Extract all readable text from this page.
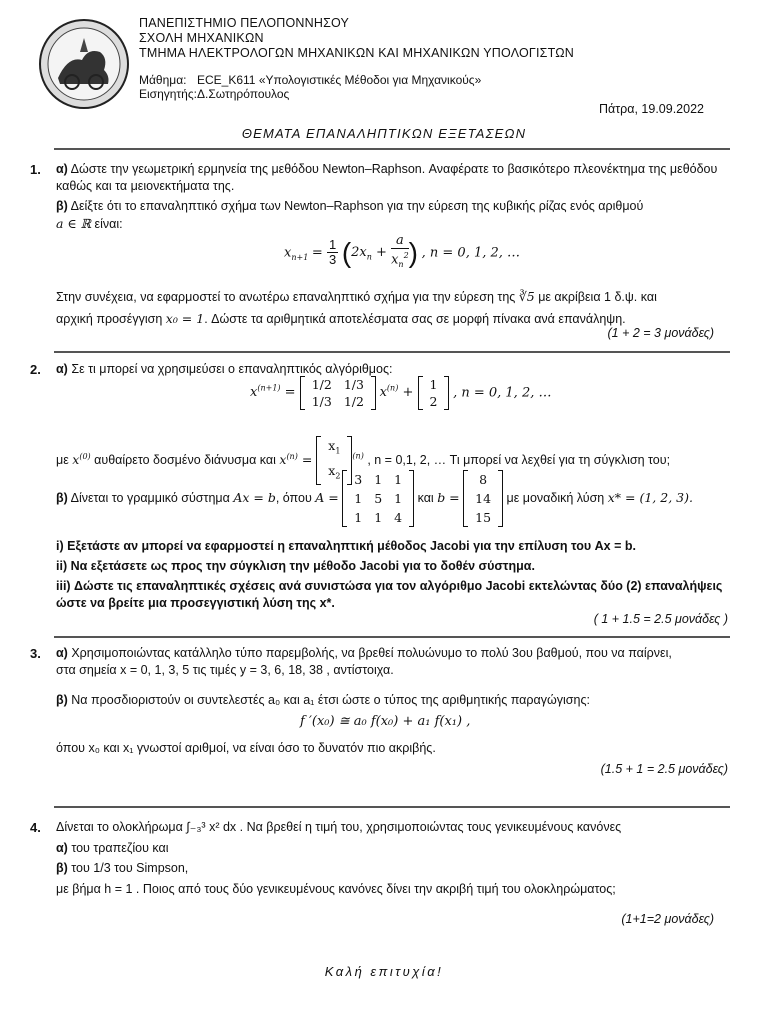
ΠΑΝΕΠΙΣΤΗΜΙΟ ΠΕΛΟΠΟΝΝΗΣΟΥ
ΣΧΟΛΗ ΜΗΧΑΝΙΚΩΝ
ΤΜΗΜΑ ΗΛΕΚΤΡΟΛΟΓΩΝ ΜΗΧΑΝΙΚΩΝ ΚΑΙ ΜΗΧΑΝΙΚΩΝ ΥΠΟΛΟΓΙΣΤΩΝ
Μάθημα: ECE_Κ611 «Υπολογιστικές Μέθοδοι για Μηχανικούς»
Εισηγητής:Δ.Σωτηρόπουλος
Πάτρα, 19.09.2022
ΘΕΜΑΤΑ ΕΠΑΝΑΛΗΠΤΙΚΩΝ ΕΞΕΤΑΣΕΩΝ
1. α) Δώστε την γεωμετρική ερμηνεία της μεθόδου Newton–Raphson. Αναφέρατε το βασικότερο πλεονέκτημα της μεθόδου καθώς και τα μειονεκτήματα της.
β) Δείξτε ότι το επαναληπτικό σχήμα των Newton–Raphson για την εύρεση της κυβικής ρίζας ενός αριθμού
a ∈ ℝ είναι:
$x_{n+1} = \frac{1}{3} (2x_n + \frac{a}{x_n^2}$ ) , n = 0, 1, 2, …
Στην συνέχεια, να εφαρμοστεί το ανωτέρω επαναληπτικό σχήμα για την εύρεση της ∛5 με ακρίβεια 1 δ.ψ. και
αρχική προσέγγιση x₀ = 1. Δώστε τα αριθμητικά αποτελέσματα σας σε μορφή πίνακα ανά επανάληψη.
(1 + 2 = 3 μονάδες)
2. α) Σε τι μπορεί να χρησιμεύσει ο επαναληπτικός αλγόριθμος:
$x^{(n+1)}$ =
1/2	1/3
1/3	1/2
$x^{(n)}$ +
1
2
, n = 0, 1, 2, …
με $x^{(0)}$ αυθαίρετο δοσμένο διάνυσμα και $x^{(n)}$ =
$x_1$
$x_2$
$^{(n)}$ , n = 0,1, 2, … Τι μπορεί να λεχθεί για τη σύγκλιση του;
β) Δίνεται το γραμμικό σύστημα Ax = b, όπου A =
3	1	1
1	5	1
1	1	4
και b =
8
14
15
με μοναδική λύση x* = (1, 2, 3).
i) Εξετάστε αν μπορεί να εφαρμοστεί η επαναληπτική μέθοδος Jacobi για την επίλυση του Ax = b.
ii) Να εξετάσετε ως προς την σύγκλιση την μέθοδο Jacobi για το δοθέν σύστημα.
iii) Δώστε τις επαναληπτικές σχέσεις ανά συνιστώσα για τον αλγόριθμο Jacobi εκτελώντας δύο (2) επαναλήψεις ώστε να βρείτε μια προσεγγιστική λύση της x*.
( 1 + 1.5 = 2.5 μονάδες )
3. α) Χρησιμοποιώντας κατάλληλο τύπο παρεμβολής, να βρεθεί πολυώνυμο το πολύ 3ου βαθμού, που να παίρνει,
στα σημεία x = 0, 1, 3, 5 τις τιμές y = 3, 6, 18, 38 , αντίστοιχα.
β) Να προσδιοριστούν οι συντελεστές a₀ και a₁ έτσι ώστε ο τύπος της αριθμητικής παραγώγισης:
f ′(x₀) ≅ a₀ f(x₀) + a₁ f(x₁) ,
όπου x₀ και x₁ γνωστοί αριθμοί, να είναι όσο το δυνατόν πιο ακριβής.
(1.5 + 1 = 2.5 μονάδες)
4. Δίνεται το ολοκλήρωμα ∫₋₃³ x² dx . Να βρεθεί η τιμή του, χρησιμοποιώντας τους γενικευμένους κανόνες
α) του τραπεζίου και
β) του 1/3 του Simpson,
με βήμα h = 1 . Ποιος από τους δύο γενικευμένους κανόνες δίνει την ακριβή τιμή του ολοκληρώματος;
(1+1=2 μονάδες)
Καλή επιτυχία!
